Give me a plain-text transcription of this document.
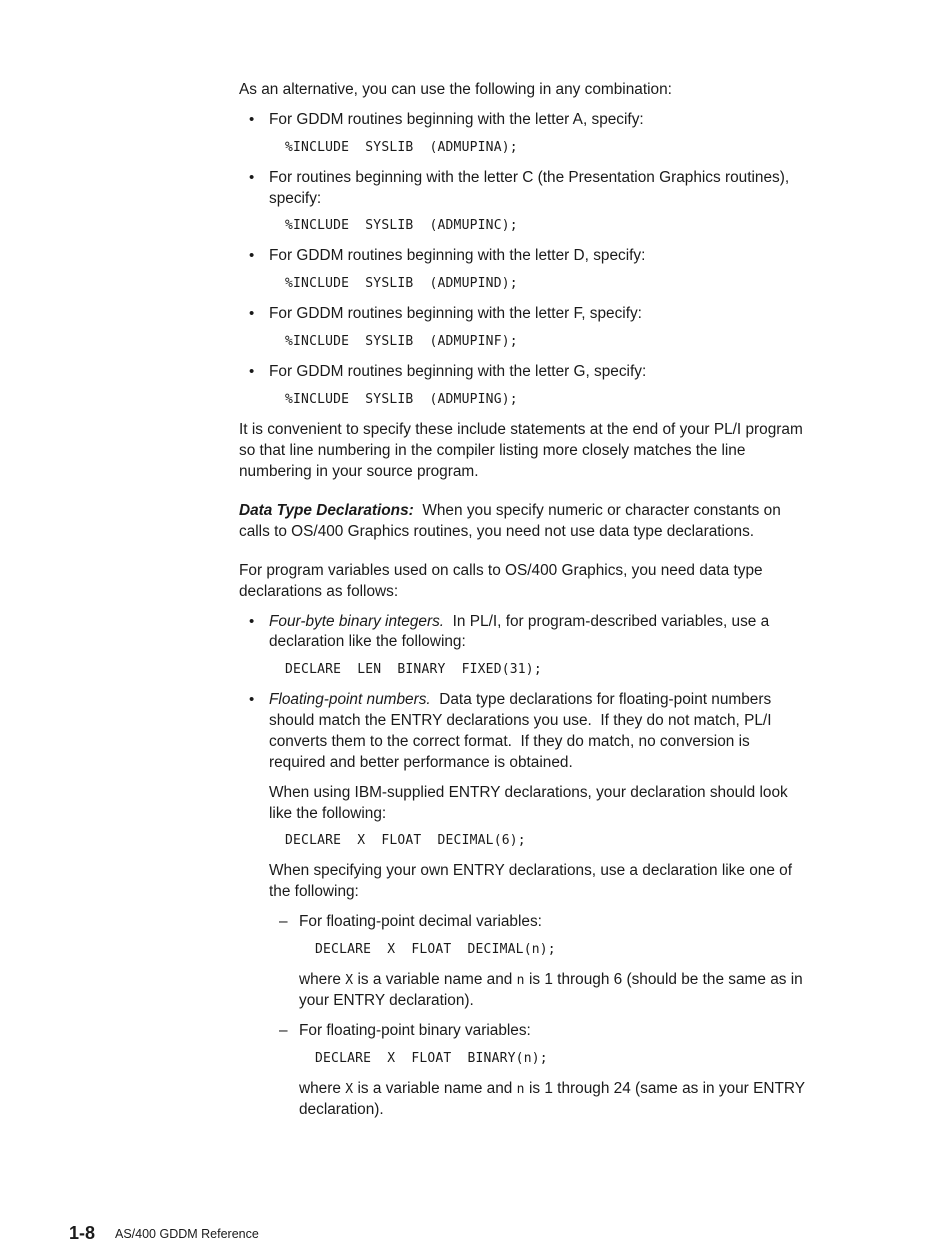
As an alternative, you can use the following in any combination:
• For GDDM routines beginning with the letter A, specify:
%INCLUDE  SYSLIB  (ADMUPINA);
• For routines beginning with the letter C (the Presentation Graphics routines),
specify:
%INCLUDE  SYSLIB  (ADMUPINC);
• For GDDM routines beginning with the letter D, specify:
%INCLUDE  SYSLIB  (ADMUPIND);
• For GDDM routines beginning with the letter F, specify:
%INCLUDE  SYSLIB  (ADMUPINF);
• For GDDM routines beginning with the letter G, specify:
%INCLUDE  SYSLIB  (ADMUPING);
It is convenient to specify these include statements at the end of your PL/I program
so that line numbering in the compiler listing more closely matches the line
numbering in your source program.
Data Type Declarations: When you specify numeric or character constants on
calls to OS/400 Graphics routines, you need not use data type declarations.
For program variables used on calls to OS/400 Graphics, you need data type
declarations as follows:
• Four-byte binary integers. In PL/I, for program-described variables, use a
declaration like the following:
DECLARE  LEN  BINARY  FIXED(31);
• Floating-point numbers. Data type declarations for floating-point numbers
should match the ENTRY declarations you use.  If they do not match, PL/I
converts them to the correct format.  If they do match, no conversion is
required and better performance is obtained.
When using IBM-supplied ENTRY declarations, your declaration should look
like the following:
DECLARE  X  FLOAT  DECIMAL(6);
When specifying your own ENTRY declarations, use a declaration like one of
the following:
– For floating-point decimal variables:
DECLARE  X  FLOAT  DECIMAL(n);
where X is a variable name and n is 1 through 6 (should be the same as in
your ENTRY declaration).
– For floating-point binary variables:
DECLARE  X  FLOAT  BINARY(n);
where X is a variable name and n is 1 through 24 (same as in your ENTRY
declaration).
1-8 AS/400 GDDM Reference
